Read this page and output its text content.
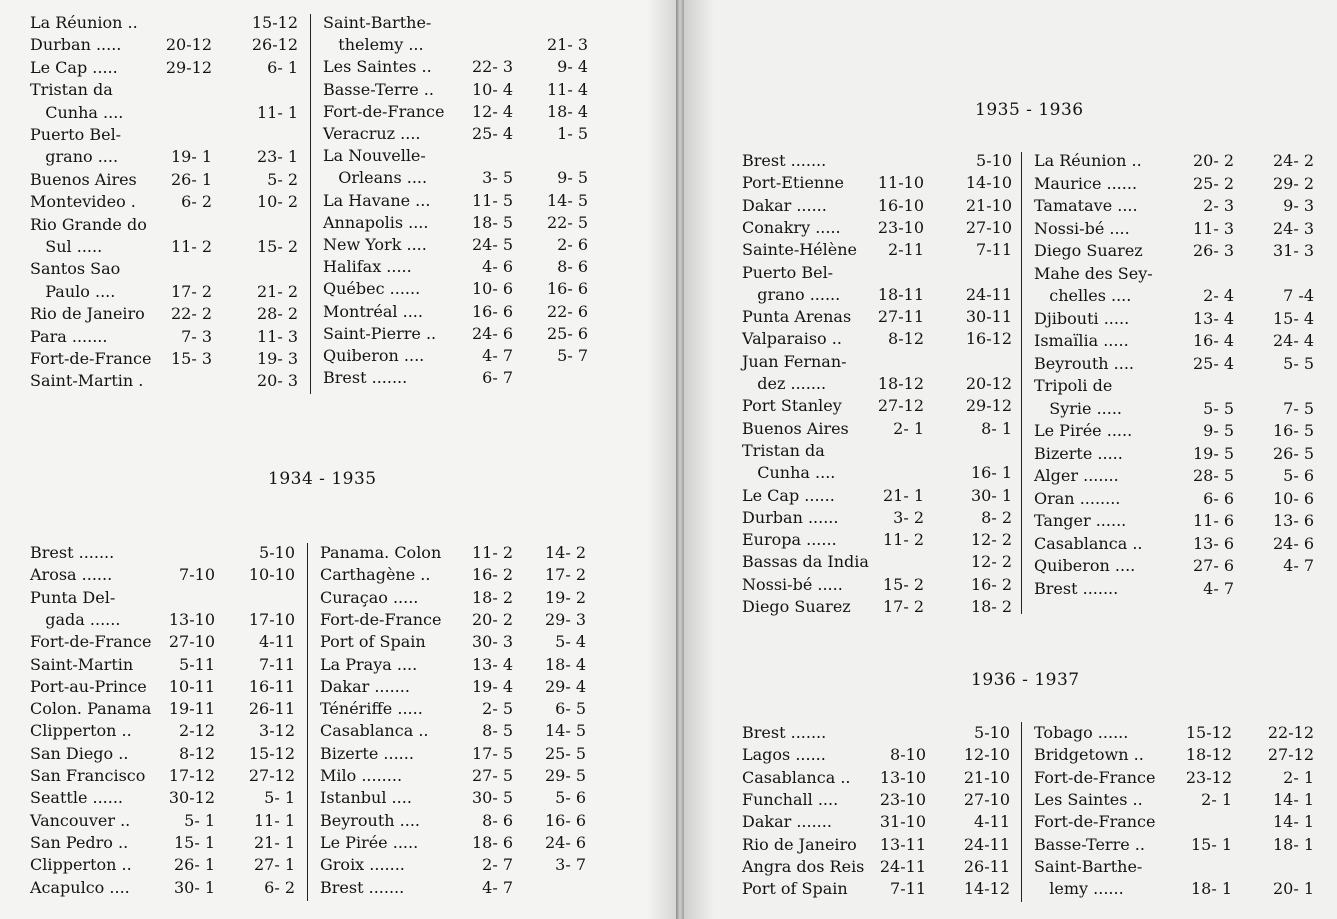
La Réunion ..	15-12
Durban .....	20-12 26-12
Le Cap .....	29-12	6- 1
Tristan da
Cunha ....	11- 1
Puerto Bel-
grano ....	19- 1	23- 1
Buenos Aires 26- 1	5- 2
Montevideo .	6- 2	10- 2
Rio Grande do
Sul .....	11- 2	15- 2
Santos Sao
Paulo ....	17- 2	21- 2
Rio de Janeiro 22- 2	28- 2
Para .......	7- 3	11- 3
Fort-de-France 15- 3	19- 3
Saint-Martin .	20- 3
Saint-Barthe-
thelemy ...	21- 3
Les Saintes ..	22- 3	9- 4
Basse-Terre .. 10- 4 11- 4
Fort-de-France 12- 4 18- 4
Veracruz ....	25- 4	1- 5
La Nouvelle-
Orleans ....	3- 5	9- 5
La Havane ...	11- 5 14- 5
Annapolis ....	18- 5 22- 5
New York ....	24- 5	2- 6
Halifax .....	4- 6	8- 6
Québec ......	10- 6 16- 6
Montréal ....	16- 6 22- 6
Saint-Pierre .. 24- 6 25- 6
Quiberon ....	4- 7	5- 7
Brest .......	6- 7
1934 - 1935
Brest .......	5-10
Arosa ......	7-10 10-10
Punta Del-
gada ......	13-10 17-10
Fort-de-France 27-10	4-11
Saint-Martin	5-11	7-11
Port-au-Prince 10-11 16-11
Colon. Panama 19-11 26-11
Clipperton ..	2-12	3-12
San Diego ..	8-12 15-12
San Francisco 17-12 27-12
Seattle ......	30-12	5- 1
Vancouver ..	5- 1 11- 1
San Pedro ..	15- 1 21- 1
Clipperton ..	26- 1 27- 1
Acapulco ....	30- 1	6- 2
Panama. Colon 11- 2 14- 2
Carthagène ..	16- 2 17- 2
Curaçao .....	18- 2 19- 2
Fort-de-France 20- 2 29- 3
Port of Spain	30- 3	5- 4
La Praya ....	13- 4 18- 4
Dakar .......	19- 4 29- 4
Ténériffe .....	2- 5	6- 5
Casablanca ..	8- 5 14- 5
Bizerte ......	17- 5 25- 5
Milo ........	27- 5 29- 5
Istanbul ....	30- 5	5- 6
Beyrouth ....	8- 6 16- 6
Le Pirée .....	18- 6 24- 6
Groix .......	2- 7	3- 7
Brest .......	4- 7
1935 - 1936
Brest .......	5-10
Port-Etienne 11-10	14-10
Dakar ......	16-10	21-10
Conakry ..... 23-10	27-10
Sainte-Hélène 2-11	7-11
Puerto Bel-
grano ...... 18-11	24-11
Punta Arenas 27-11	30-11
Valparaiso ..	8-12	16-12
Juan Fernan-
dez .......	18-12	20-12
Port Stanley 27-12	29-12
Buenos Aires	2- 1	8- 1
Tristan da
Cunha ....	16- 1
Le Cap ......	21- 1	30- 1
Durban ......	3- 2	8- 2
Europa ......	11- 2	12- 2
Bassas da India	12- 2
Nossi-bé .....	15- 2	16- 2
Diego Suarez 17- 2	18- 2
La Réunion ..	20- 2 24- 2
Maurice ......	25- 2 29- 2
Tamatave ....	2- 3	9- 3
Nossi-bé ....	11- 3 24- 3
Diego Suarez	26- 3 31- 3
Mahe des Sey-
chelles ....	2- 4	7 -4
Djibouti .....	13- 4 15- 4
Ismaïlia .....	16- 4 24- 4
Beyrouth ....	25- 4	5- 5
Tripoli de
Syrie .....	5- 5	7- 5
Le Pirée .....	9- 5 16- 5
Bizerte .....	19- 5 26- 5
Alger .......	28- 5	5- 6
Oran ........	6- 6 10- 6
Tanger ......	11- 6 13- 6
Casablanca ..	13- 6 24- 6
Quiberon ....	27- 6	4- 7
Brest .......	4- 7
1936 - 1937
Brest .......	5-10
Lagos ......	8-10 12-10
Casablanca .. 13-10 21-10
Funchall ....	23-10 27-10
Dakar .......	31-10	4-11
Rio de Janeiro 13-11 24-11
Angra dos Reis 24-11 26-11
Port of Spain	7-11 14-12
Tobago ......	15-12 22-12
Bridgetown ..	18-12 27-12
Fort-de-France 23-12	2- 1
Les Saintes ..	2- 1	14- 1
Fort-de-France	14- 1
Basse-Terre ..	15- 1	18- 1
Saint-Barthe-
lemy ......	18- 1	20- 1
